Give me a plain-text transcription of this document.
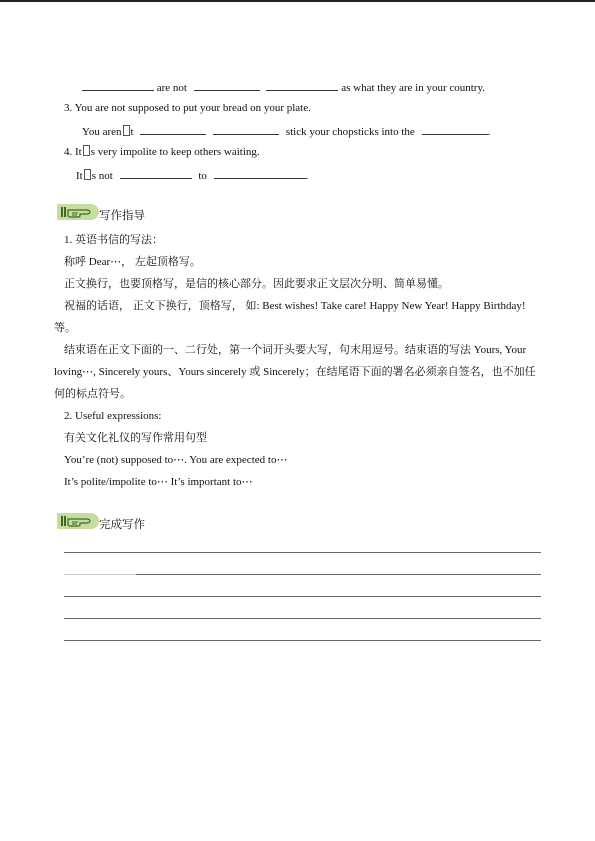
are not	as what they are in your country.
3. You are not supposed to put your bread on your plate.
You aren t	stick your chopsticks into the	.
4. It s very impolite to keep others waiting.
It s not	to	.
写作指导

1. 英语书信的写法：

称呼 Dear⋯， 左起顶格写。

正文换行，也要顶格写，是信的核心部分。因此要求正文层次分明、简单易懂。

祝福的话语， 正文下换行，顶格写， 如: Best wishes! Take care! Happy New Year! Happy Birthday! 等。

结束语在正文下面的一、二行处，第一个词开头要大写，句末用逗号。结束语的写法 Yours, Your loving⋯, Sincerely yours、Yours sincerely 或 Sincerely；在结尾语下面的署名必须亲自签名，也不加任何的标点符号。

2. Useful expressions:

有关文化礼仪的写作常用句型

You’re (not) supposed to⋯. You are expected to⋯

It’s polite/impolite to⋯ It’s important to⋯

完成写作
